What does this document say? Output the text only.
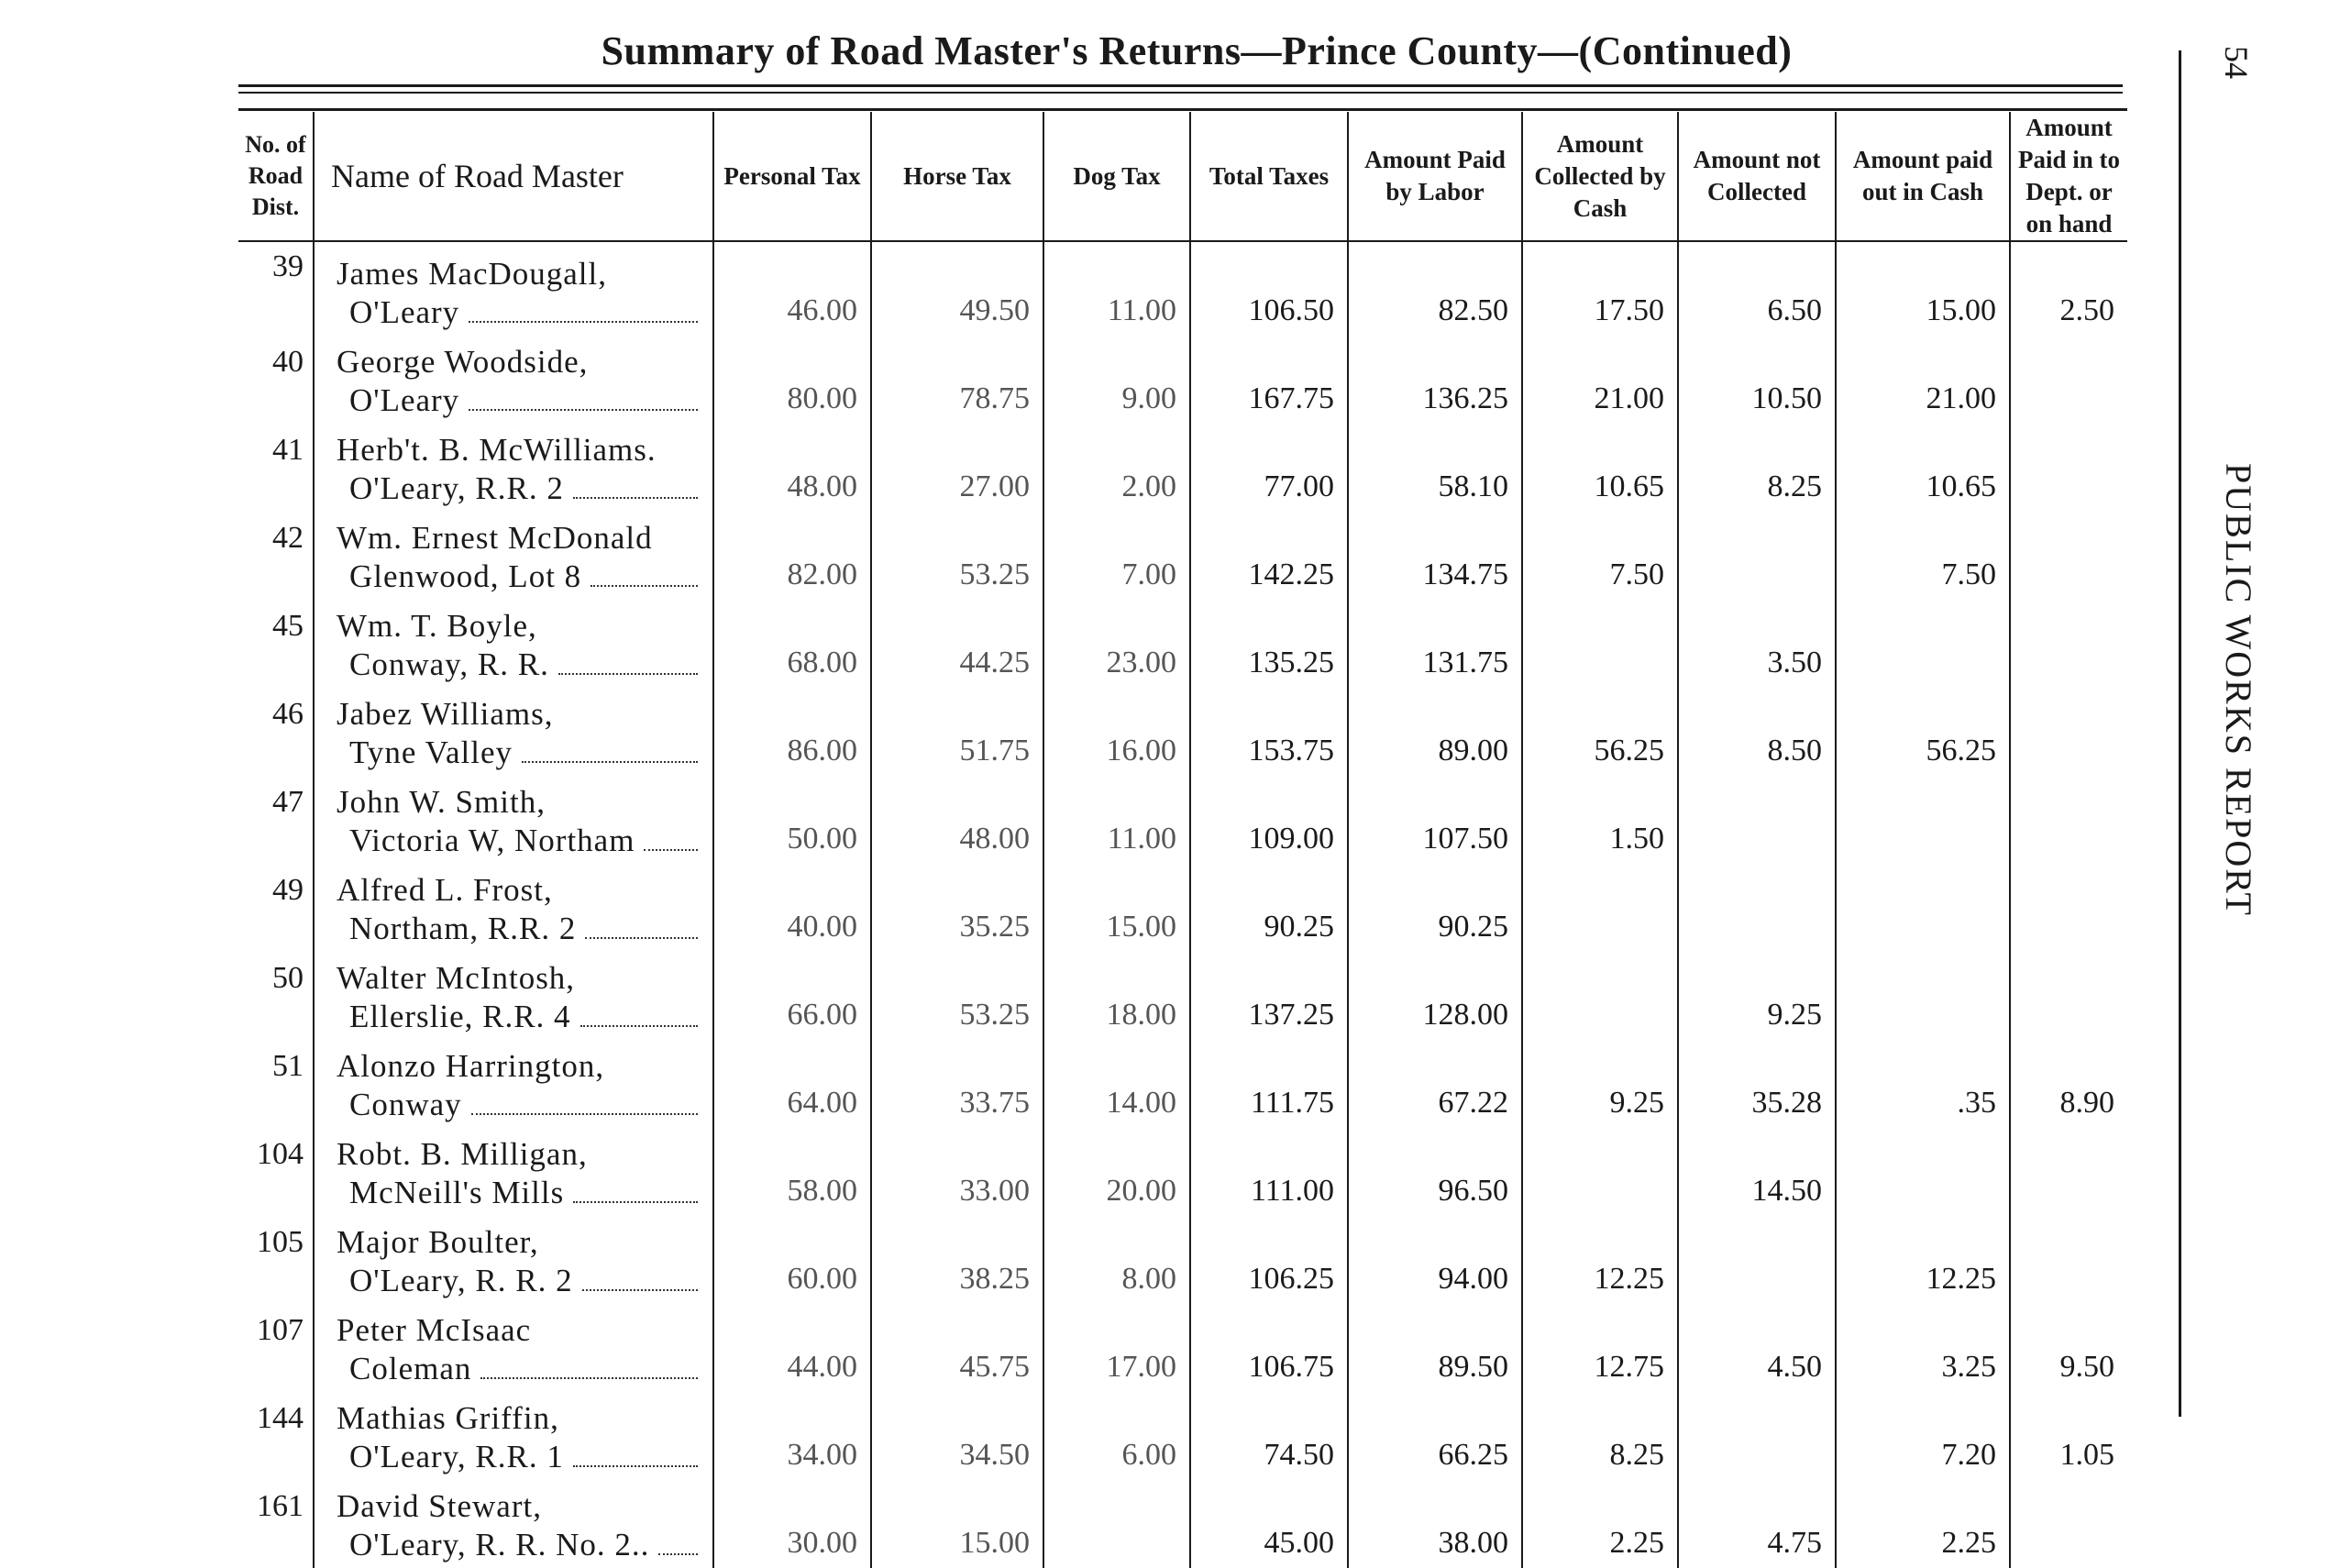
Summary of Road Master's Returns—Prince County—(Continued)	54
PUBLIC WORKS REPORT
No. of Road Dist.	Name of Road Master	Personal Tax	Horse Tax	Dog Tax	Total Taxes	Amount Paid by Labor	Amount Collected by Cash	Amount not Collected	Amount paid out in Cash	Amount Paid in to Dept. or on hand
39	James MacDougall,
O'Leary	46.00	49.50	11.00	106.50	82.50	17.50	6.50	15.00	2.50
40	George Woodside,
O'Leary	80.00	78.75	9.00	167.75	136.25	21.00	10.50	21.00	
41	Herb't. B. McWilliams.
O'Leary, R.R. 2	48.00	27.00	2.00	77.00	58.10	10.65	8.25	10.65	
42	Wm. Ernest McDonald
Glenwood, Lot 8	82.00	53.25	7.00	142.25	134.75	7.50		7.50	
45	Wm. T. Boyle,
Conway, R. R.	68.00	44.25	23.00	135.25	131.75		3.50		
46	Jabez Williams,
Tyne Valley	86.00	51.75	16.00	153.75	89.00	56.25	8.50	56.25	
47	John W. Smith,
Victoria W, Northam	50.00	48.00	11.00	109.00	107.50	1.50			
49	Alfred L. Frost,
Northam, R.R. 2	40.00	35.25	15.00	90.25	90.25				
50	Walter McIntosh,
Ellerslie, R.R. 4	66.00	53.25	18.00	137.25	128.00		9.25		
51	Alonzo Harrington,
Conway	64.00	33.75	14.00	111.75	67.22	9.25	35.28	.35	8.90
104	Robt. B. Milligan,
McNeill's Mills	58.00	33.00	20.00	111.00	96.50		14.50		
105	Major Boulter,
O'Leary, R. R. 2	60.00	38.25	8.00	106.25	94.00	12.25		12.25	
107	Peter McIsaac
Coleman	44.00	45.75	17.00	106.75	89.50	12.75	4.50	3.25	9.50
144	Mathias Griffin,
O'Leary, R.R. 1	34.00	34.50	6.00	74.50	66.25	8.25		7.20	1.05
161	David Stewart,
O'Leary, R. R. No. 2..	30.00	15.00		45.00	38.00	2.25	4.75	2.25	
